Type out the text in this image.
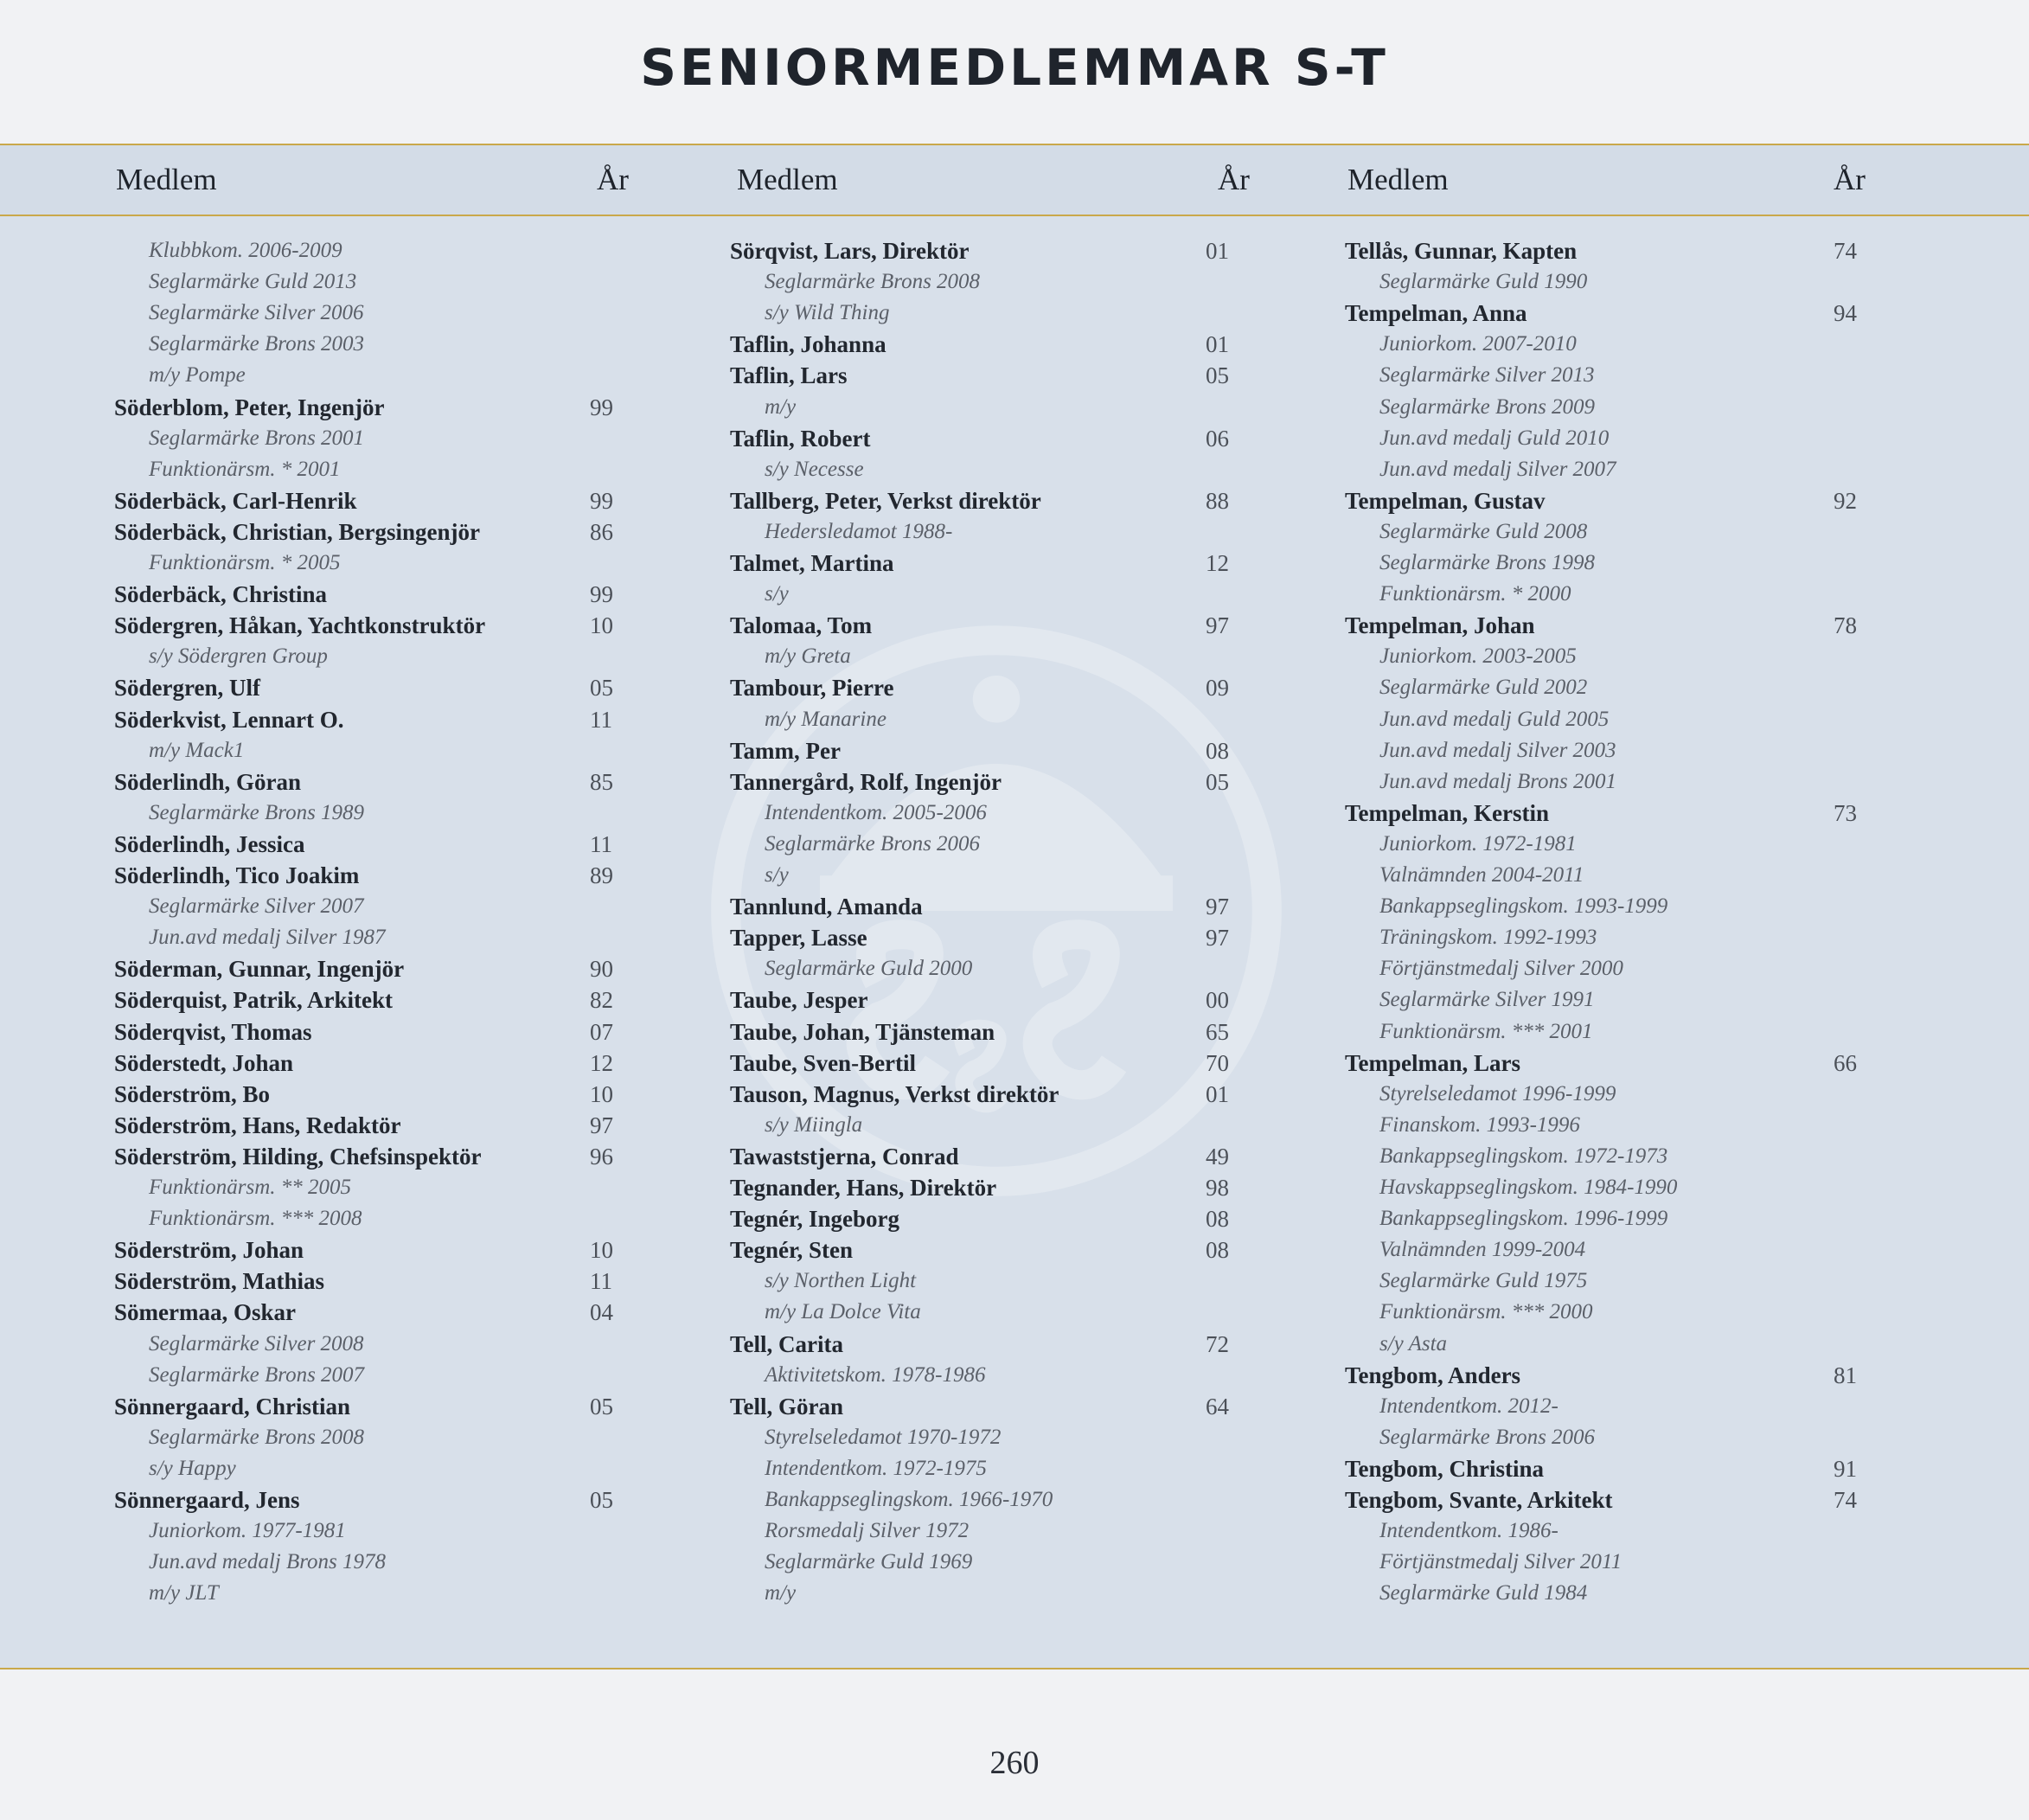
SENIORMEDLEMMAR S-T
Medlem	År	Medlem	År	Medlem	År
Klubbkom. 2006-2009
Seglarmärke Guld 2013
Seglarmärke Silver 2006
Seglarmärke Brons 2003
m/y Pompe
Söderblom, Peter, Ingenjör	99
Seglarmärke Brons 2001
Funktionärsm. * 2001
Söderbäck, Carl-Henrik	99
Söderbäck, Christian, Bergsingenjör	86
Funktionärsm. * 2005
Söderbäck, Christina	99
Södergren, Håkan, Yachtkonstruktör	10
s/y Södergren Group
Södergren, Ulf	05
Söderkvist, Lennart O.	11
m/y Mack1
Söderlindh, Göran	85
Seglarmärke Brons 1989
Söderlindh, Jessica	11
Söderlindh, Tico Joakim	89
Seglarmärke Silver 2007
Jun.avd medalj Silver 1987
Söderman, Gunnar, Ingenjör	90
Söderquist, Patrik, Arkitekt	82
Söderqvist, Thomas	07
Söderstedt, Johan	12
Söderström, Bo	10
Söderström, Hans, Redaktör	97
Söderström, Hilding, Chefsinspektör	96
Funktionärsm. ** 2005
Funktionärsm. *** 2008
Söderström, Johan	10
Söderström, Mathias	11
Sömermaa, Oskar	04
Seglarmärke Silver 2008
Seglarmärke Brons 2007
Sönnergaard, Christian	05
Seglarmärke Brons 2008
s/y Happy
Sönnergaard, Jens	05
Juniorkom. 1977-1981
Jun.avd medalj Brons 1978
m/y JLT
Sörqvist, Lars, Direktör	01
Seglarmärke Brons 2008
s/y Wild Thing
Taflin, Johanna	01
Taflin, Lars	05
m/y
Taflin, Robert	06
s/y Necesse
Tallberg, Peter, Verkst direktör	88
Hedersledamot 1988-
Talmet, Martina	12
s/y
Talomaa, Tom	97
m/y Greta
Tambour, Pierre	09
m/y Manarine
Tamm, Per	08
Tannergård, Rolf, Ingenjör	05
Intendentkom. 2005-2006
Seglarmärke Brons 2006
s/y
Tannlund, Amanda	97
Tapper, Lasse	97
Seglarmärke Guld 2000
Taube, Jesper	00
Taube, Johan, Tjänsteman	65
Taube, Sven-Bertil	70
Tauson, Magnus, Verkst direktör	01
s/y Miingla
Tawaststjerna, Conrad	49
Tegnander, Hans, Direktör	98
Tegnér, Ingeborg	08
Tegnér, Sten	08
s/y Northen Light
m/y La Dolce Vita
Tell, Carita	72
Aktivitetskom. 1978-1986
Tell, Göran	64
Styrelseledamot 1970-1972
Intendentkom. 1972-1975
Bankappseglingskom. 1966-1970
Rorsmedalj Silver 1972
Seglarmärke Guld 1969
m/y
Tellås, Gunnar, Kapten	74
Seglarmärke Guld 1990
Tempelman, Anna	94
Juniorkom. 2007-2010
Seglarmärke Silver 2013
Seglarmärke Brons 2009
Jun.avd medalj Guld 2010
Jun.avd medalj Silver 2007
Tempelman, Gustav	92
Seglarmärke Guld 2008
Seglarmärke Brons 1998
Funktionärsm. * 2000
Tempelman, Johan	78
Juniorkom. 2003-2005
Seglarmärke Guld 2002
Jun.avd medalj Guld 2005
Jun.avd medalj Silver 2003
Jun.avd medalj Brons 2001
Tempelman, Kerstin	73
Juniorkom. 1972-1981
Valnämnden 2004-2011
Bankappseglingskom. 1993-1999
Träningskom. 1992-1993
Förtjänstmedalj Silver 2000
Seglarmärke Silver 1991
Funktionärsm. *** 2001
Tempelman, Lars	66
Styrelseledamot 1996-1999
Finanskom. 1993-1996
Bankappseglingskom. 1972-1973
Havskappseglingskom. 1984-1990
Bankappseglingskom. 1996-1999
Valnämnden 1999-2004
Seglarmärke Guld 1975
Funktionärsm. *** 2000
s/y Asta
Tengbom, Anders	81
Intendentkom. 2012-
Seglarmärke Brons 2006
Tengbom, Christina	91
Tengbom, Svante, Arkitekt	74
Intendentkom. 1986-
Förtjänstmedalj Silver 2011
Seglarmärke Guld 1984
260
